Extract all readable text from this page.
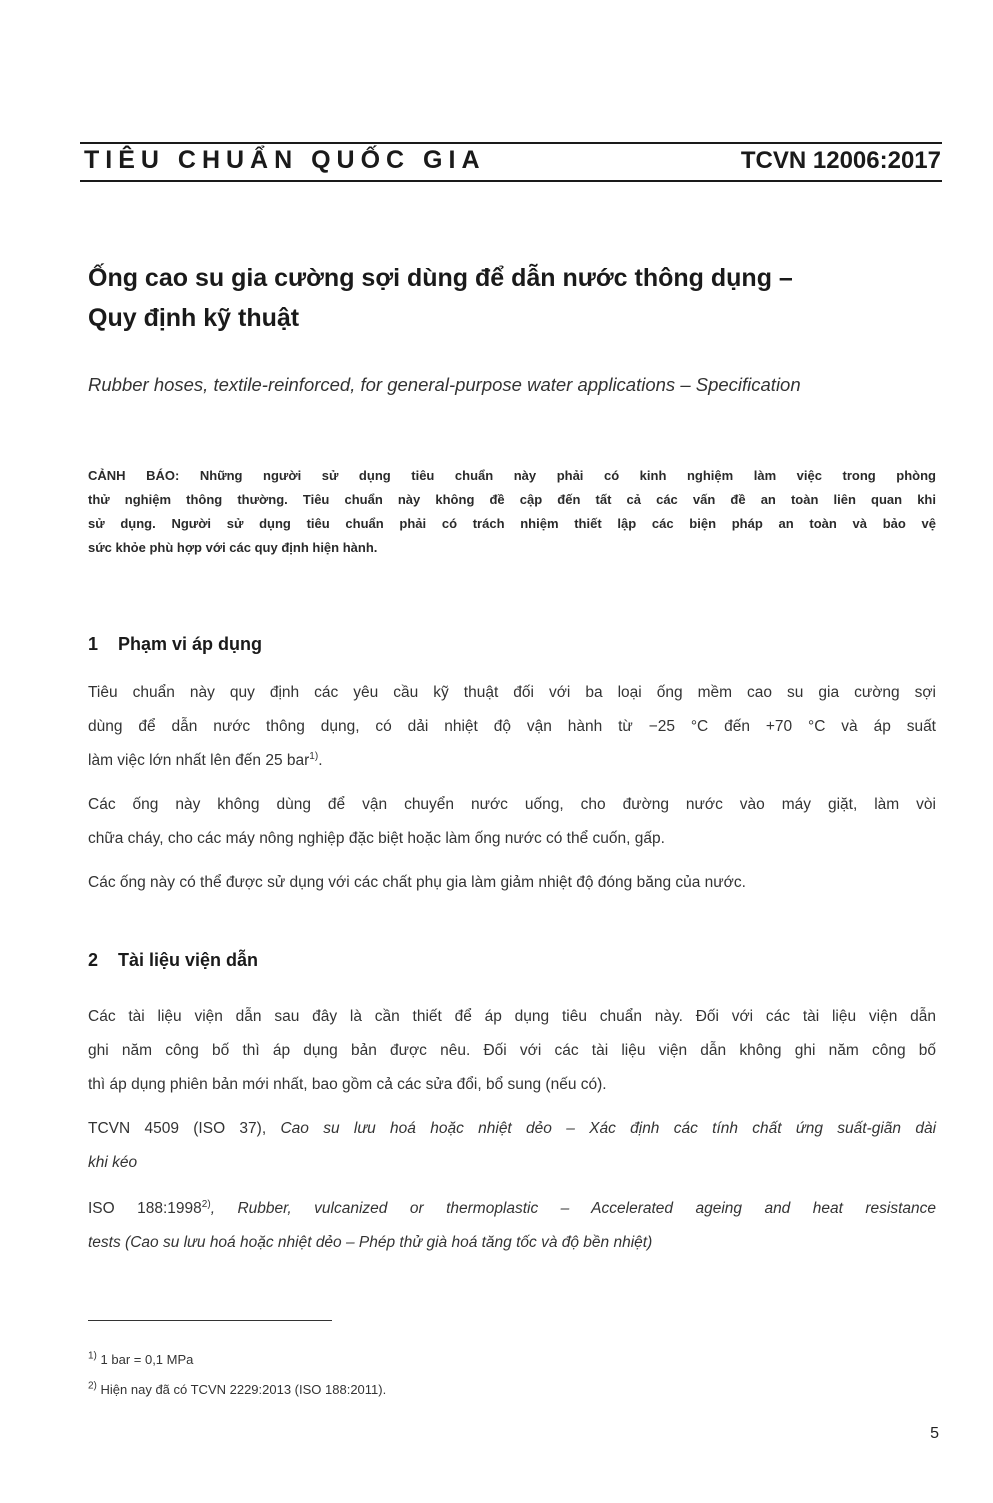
TIÊU CHUẨN QUỐC GIA	TCVN 12006:2017
Ống cao su gia cường sợi dùng để dẫn nước thông dụng –
Quy định kỹ thuật
Rubber hoses, textile-reinforced, for general-purpose water applications – Specification
CẢNH BÁO: Những người sử dụng tiêu chuẩn này phải có kinh nghiệm làm việc trong phòng
thử nghiệm thông thường. Tiêu chuẩn này không đề cập đến tất cả các vấn đề an toàn liên quan khi
sử dụng. Người sử dụng tiêu chuẩn phải có trách nhiệm thiết lập các biện pháp an toàn và bảo vệ
sức khỏe phù hợp với các quy định hiện hành.
1 Phạm vi áp dụng
Tiêu chuẩn này quy định các yêu cầu kỹ thuật đối với ba loại ống mềm cao su gia cường sợi
dùng để dẫn nước thông dụng, có dải nhiệt độ vận hành từ −25 °C đến +70 °C và áp suất
làm việc lớn nhất lên đến 25 bar$^{1)}$.
Các ống này không dùng để vận chuyển nước uống, cho đường nước vào máy giặt, làm vòi
chữa cháy, cho các máy nông nghiệp đặc biệt hoặc làm ống nước có thể cuốn, gấp.
Các ống này có thể được sử dụng với các chất phụ gia làm giảm nhiệt độ đóng băng của nước.
2 Tài liệu viện dẫn
Các tài liệu viện dẫn sau đây là cần thiết để áp dụng tiêu chuẩn này. Đối với các tài liệu viện dẫn
ghi năm công bố thì áp dụng bản được nêu. Đối với các tài liệu viện dẫn không ghi năm công bố
thì áp dụng phiên bản mới nhất, bao gồm cả các sửa đổi, bổ sung (nếu có).
TCVN 4509 (ISO 37), Cao su lưu hoá hoặc nhiệt dẻo – Xác định các tính chất ứng suất-giãn dài
khi kéo
ISO 188:1998$^{2)}$, Rubber, vulcanized or thermoplastic – Accelerated ageing and heat resistance
tests (Cao su lưu hoá hoặc nhiệt dẻo – Phép thử già hoá tăng tốc và độ bền nhiệt)
$^{1)}$ 1 bar = 0,1 MPa
$^{2)}$ Hiện nay đã có TCVN 2229:2013 (ISO 188:2011).
5
